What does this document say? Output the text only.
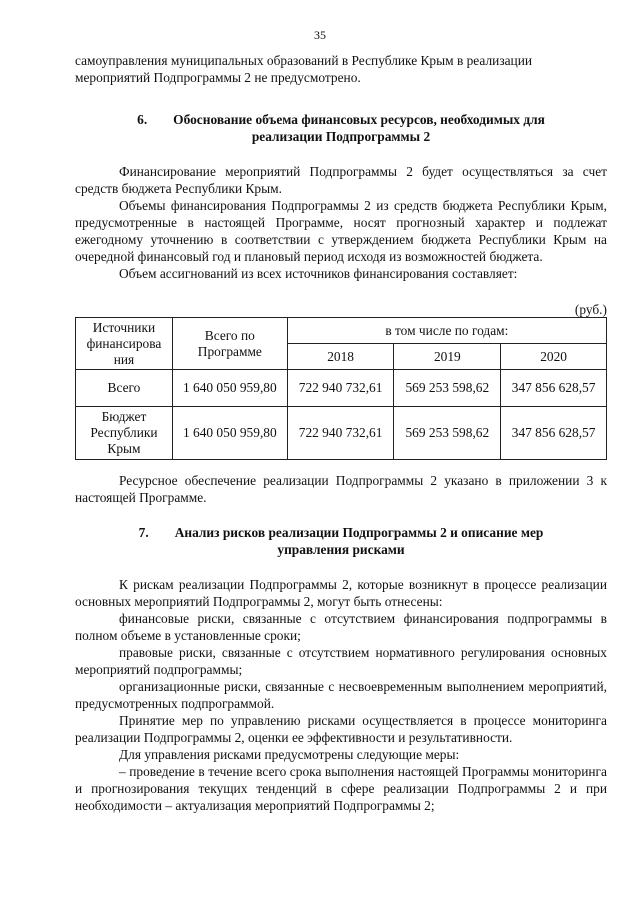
35

самоуправления муниципальных образований в Республике Крым в реализации

мероприятий Подпрограммы 2 не предусмотрено.

6. Обоснование объема финансовых ресурсов, необходимых для
реализации Подпрограммы 2

Финансирование мероприятий Подпрограммы 2 будет осуществляться за счет средств бюджета Республики Крым.

Объемы финансирования Подпрограммы 2 из средств бюджета Республики Крым, предусмотренные в настоящей Программе, носят прогнозный характер и подлежат ежегодному уточнению в соответствии с утверждением бюджета Республики Крым на очередной финансовый год и плановый период исходя из возможностей бюджета.

Объем ассигнований из всех источников финансирования составляет:

(руб.)
Источники финансирова ния	Всего по Программе	в том числе по годам:		
		2018	2019	2020
Всего	1 640 050 959,80	722 940 732,61	569 253 598,62	347 856 628,57
Бюджет Республики Крым	1 640 050 959,80	722 940 732,61	569 253 598,62	347 856 628,57

Ресурсное обеспечение реализации Подпрограммы 2 указано в приложении 3 к настоящей Программе.

7. Анализ рисков реализации Подпрограммы 2 и описание мер
управления рисками

К рискам реализации Подпрограммы 2, которые возникнут в процессе реализации основных мероприятий Подпрограммы 2, могут быть отнесены:

финансовые риски, связанные с отсутствием финансирования подпрограммы в полном объеме в установленные сроки;

правовые риски, связанные с отсутствием нормативного регулирования основных мероприятий подпрограммы;

организационные риски, связанные с несвоевременным выполнением мероприятий, предусмотренных подпрограммой.

Принятие мер по управлению рисками осуществляется в процессе мониторинга реализации Подпрограммы 2, оценки ее эффективности и результативности.

Для управления рисками предусмотрены следующие меры:

– проведение в течение всего срока выполнения настоящей Программы мониторинга и прогнозирования текущих тенденций в сфере реализации Подпрограммы 2 и при необходимости – актуализация мероприятий Подпрограммы 2;
